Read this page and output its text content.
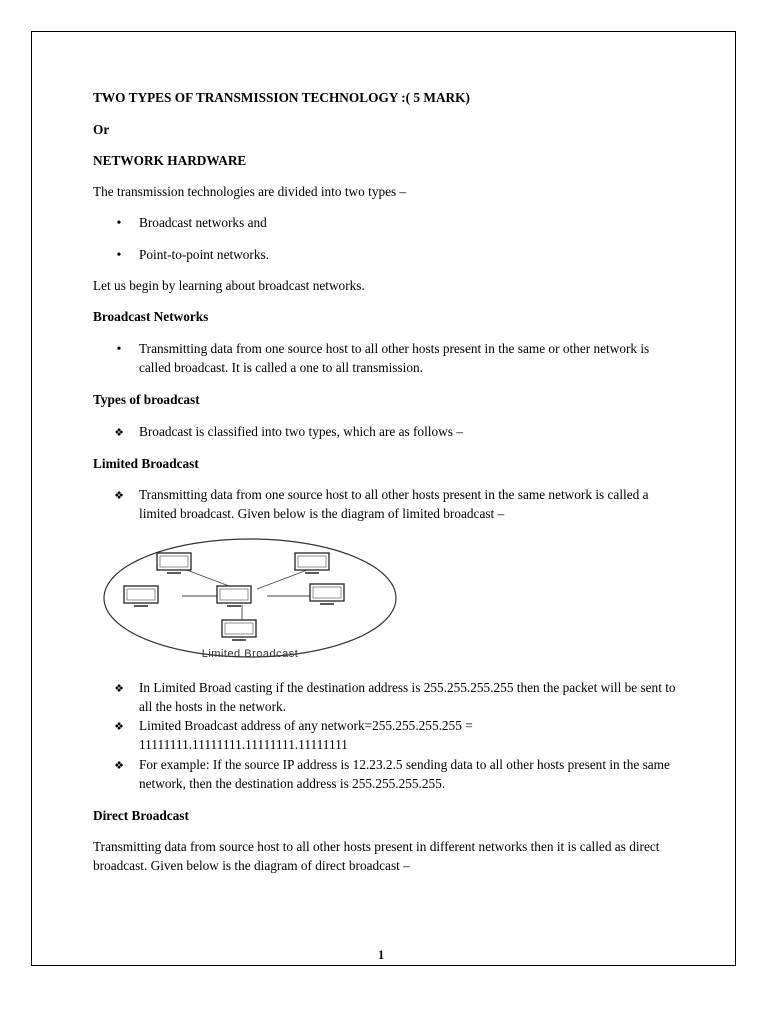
TWO TYPES OF TRANSMISSION TECHNOLOGY :( 5 MARK)
Or
NETWORK HARDWARE
The transmission technologies are divided into two types –
•
Broadcast networks and
•
Point-to-point networks.
Let us begin by learning about broadcast networks.
Broadcast Networks
•
Transmitting data from one source host to all other hosts present in the same or other network is called broadcast. It is called a one to all transmission.
Types of broadcast
❖
Broadcast is classified into two types, which are as follows –
Limited Broadcast
❖
Transmitting data from one source host to all other hosts present in the same network is called a limited broadcast. Given below is the diagram of limited broadcast –
Limited Broadcast
❖
In Limited Broad casting if the destination address is 255.255.255.255 then the packet will be sent to all the hosts in the network.
❖
Limited Broadcast address of any network=255.255.255.255 = 11111111.11111111.11111111.11111111
❖
For example: If the source IP address is 12.23.2.5 sending data to all other hosts present in the same network, then the destination address is 255.255.255.255.
Direct Broadcast
Transmitting data from source host to all other hosts present in different networks then it is called as direct broadcast. Given below is the diagram of direct broadcast –
1
